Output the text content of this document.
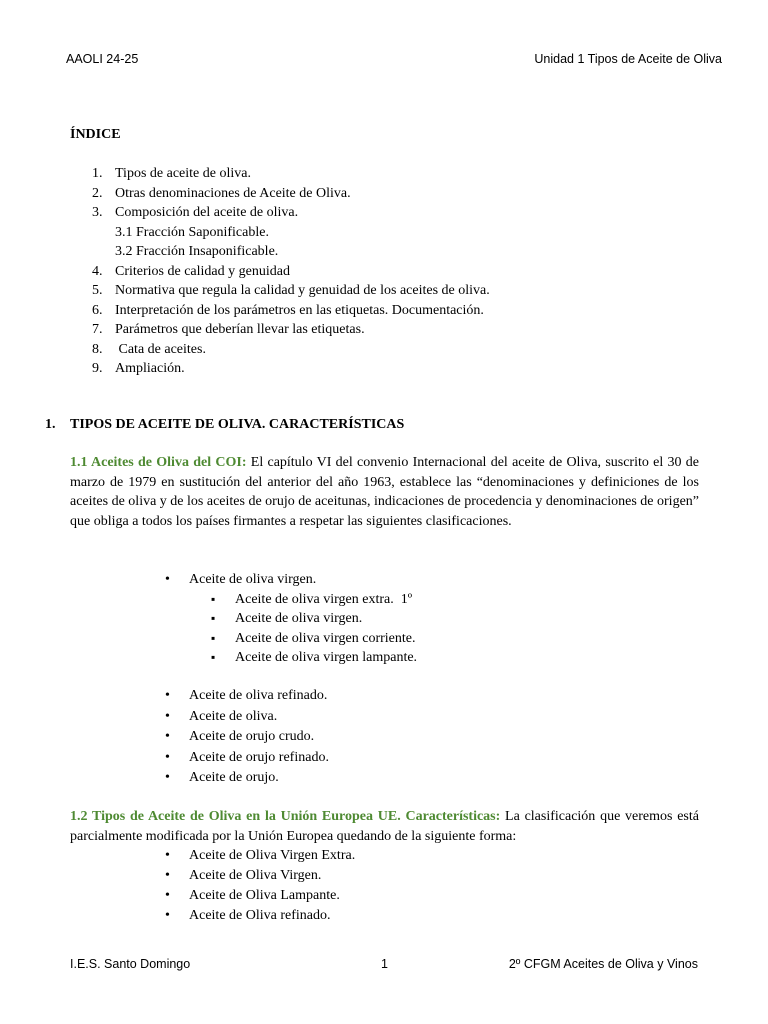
AAOLI 24-25	Unidad 1 Tipos de Aceite de Oliva
ÍNDICE
1. Tipos de aceite de oliva.
2. Otras denominaciones de Aceite de Oliva.
3. Composición del aceite de oliva.
3.1 Fracción Saponificable.
3.2 Fracción Insaponificable.
4. Criterios de calidad y genuidad
5. Normativa que regula la calidad y genuidad de los aceites de oliva.
6. Interpretación de los parámetros en las etiquetas. Documentación.
7. Parámetros que deberían llevar las etiquetas.
8. Cata de aceites.
9. Ampliación.
1. TIPOS DE ACEITE DE OLIVA. CARACTERÍSTICAS

1.1 Aceites de Oliva del COI: El capítulo VI del convenio Internacional del aceite de Oliva, suscrito el 30 de marzo de 1979 en sustitución del anterior del año 1963, establece las “denominaciones y definiciones de los aceites de oliva y de los aceites de orujo de aceitunas, indicaciones de procedencia y denominaciones de origen” que obliga a todos los países firmantes a respetar las siguientes clasificaciones.

• Aceite de oliva virgen.
▪ Aceite de oliva virgen extra.  1º
▪ Aceite de oliva virgen.
▪ Aceite de oliva virgen corriente.
▪ Aceite de oliva virgen lampante.
• Aceite de oliva refinado.
• Aceite de oliva.
• Aceite de orujo crudo.
• Aceite de orujo refinado.
• Aceite de orujo.

1.2 Tipos de Aceite de Oliva en la Unión Europea UE. Características: La clasificación que veremos está parcialmente modificada por la Unión Europea quedando de la siguiente forma:

• Aceite de Oliva Virgen Extra.
• Aceite de Oliva Virgen.
• Aceite de Oliva Lampante.
• Aceite de Oliva refinado.
I.E.S. Santo Domingo	1	2º CFGM Aceites de Oliva y Vinos
